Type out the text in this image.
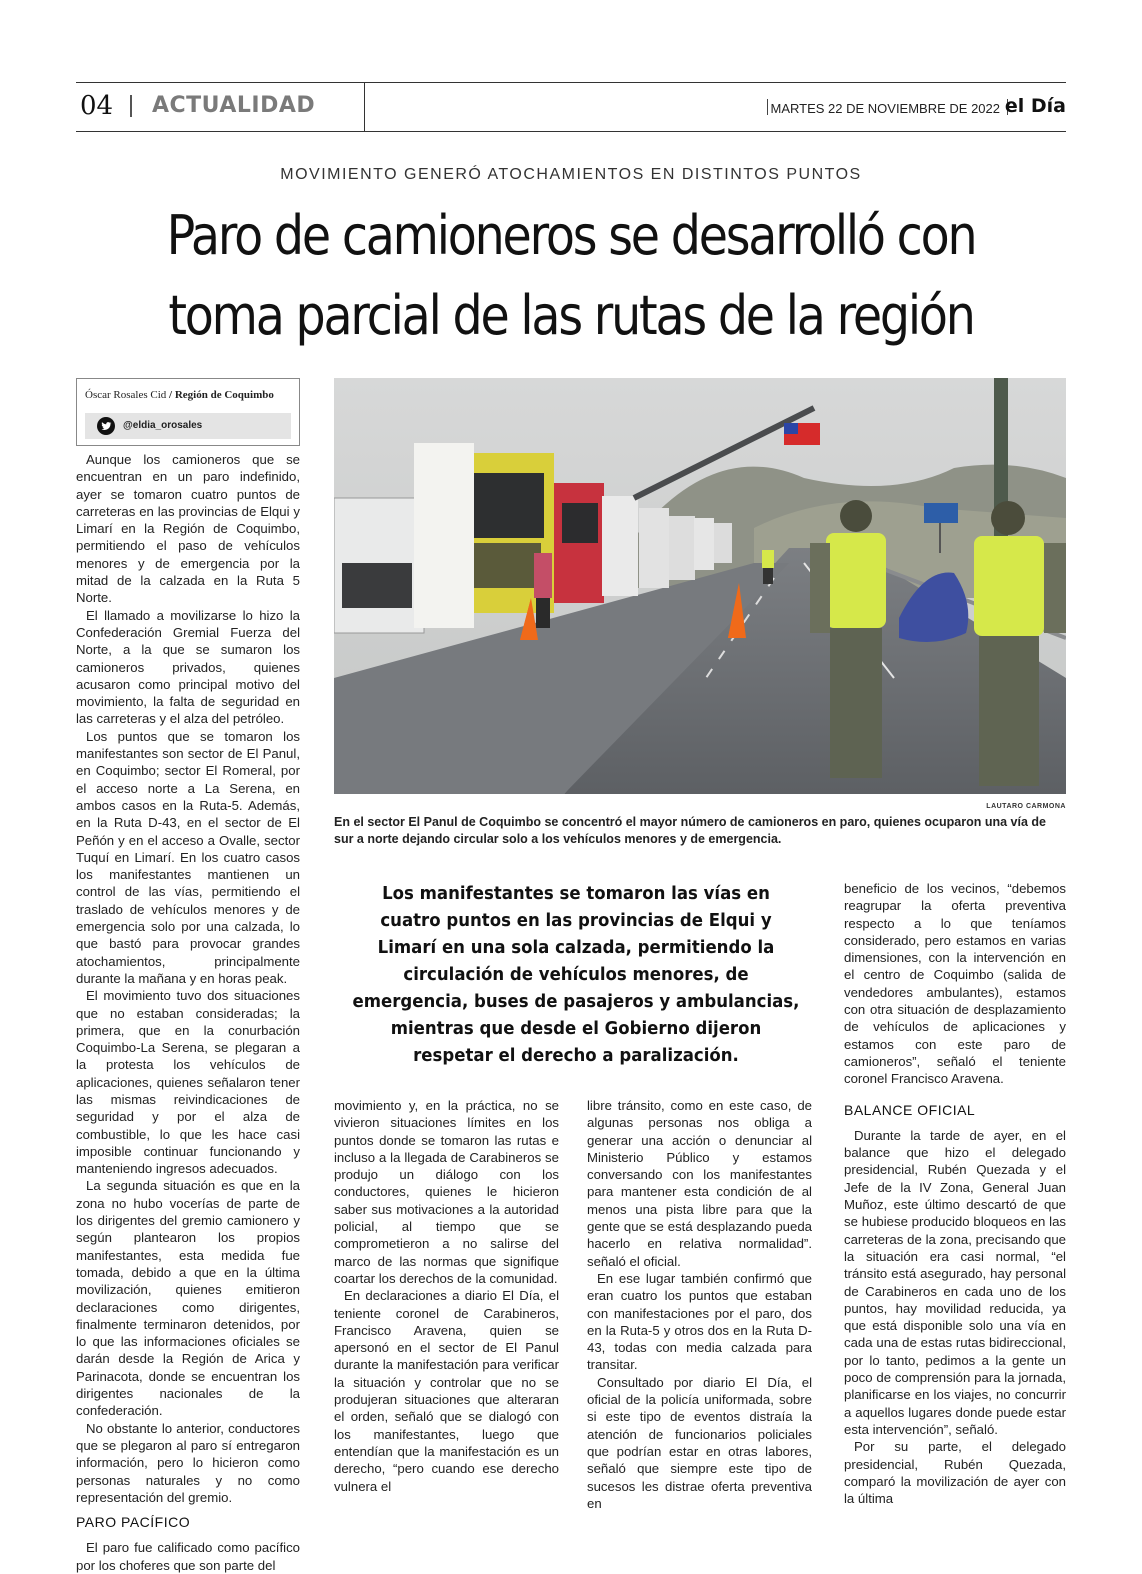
04 ACTUALIDAD	MARTES 22 DE NOVIEMBRE DE 2022 el Día
MOVIMIENTO GENERÓ ATOCHAMIENTOS EN DISTINTOS PUNTOS
Paro de camioneros se desarrolló con
toma parcial de las rutas de la región
Óscar Rosales Cid / Región de Coquimbo
@eldia_orosales

Aunque los camioneros que se encuentran en un paro indefinido, ayer se tomaron cuatro puntos de carreteras en las provincias de Elqui y Limarí en la Región de Coquimbo, permitiendo el paso de vehículos menores y de emergencia por la mitad de la calzada en la Ruta 5 Norte.

El llamado a movilizarse lo hizo la Confederación Gremial Fuerza del Norte, a la que se sumaron los camioneros privados, quienes acusaron como principal motivo del movimiento, la falta de seguridad en las carreteras y el alza del petróleo.

Los puntos que se tomaron los manifestantes son sector de El Panul, en Coquimbo; sector El Romeral, por el acceso norte a La Serena, en ambos casos en la Ruta-5. Además, en la Ruta D-43, en el sector de El Peñón y en el acceso a Ovalle, sector Tuquí en Limarí. En los cuatro casos los manifestantes mantienen un control de las vías, permitiendo el traslado de vehículos menores y de emergencia solo por una calzada, lo que bastó para provocar grandes atochamientos, principalmente durante la mañana y en horas peak.

El movimiento tuvo dos situaciones que no estaban consideradas; la primera, que en la conurbación Coquimbo-La Serena, se plegaran a la protesta los vehículos de aplicaciones, quienes señalaron tener las mismas reivindicaciones de seguridad y por el alza de combustible, lo que les hace casi imposible continuar funcionando y manteniendo ingresos adecuados.

La segunda situación es que en la zona no hubo vocerías de parte de los dirigentes del gremio camionero y según plantearon los propios manifestantes, esta medida fue tomada, debido a que en la última movilización, quienes emitieron declaraciones como dirigentes, finalmente terminaron detenidos, por lo que las informaciones oficiales se darán desde la Región de Arica y Parinacota, donde se encuentran los dirigentes nacionales de la confederación.

No obstante lo anterior, conductores que se plegaron al paro sí entregaron información, pero lo hicieron como personas naturales y no como representación del gremio.

PARO PACÍFICO

El paro fue calificado como pacífico por los choferes que son parte del

LAUTARO CARMONA
En el sector El Panul de Coquimbo se concentró el mayor número de camioneros en paro, quienes ocuparon una vía de sur a norte dejando circular solo a los vehículos menores y de emergencia.
Los manifestantes se tomaron las vías en cuatro puntos en las provincias de Elqui y Limarí en una sola calzada, permitiendo la circulación de vehículos menores, de emergencia, buses de pasajeros y ambulancias, mientras que desde el Gobierno dijeron respetar el derecho a paralización.

movimiento y, en la práctica, no se vivieron situaciones límites en los puntos donde se tomaron las rutas e incluso a la llegada de Carabineros se produjo un diálogo con los conductores, quienes le hicieron saber sus motivaciones a la autoridad policial, al tiempo que se comprometieron a no salirse del marco de las normas que signifique coartar los derechos de la comunidad.

En declaraciones a diario El Día, el teniente coronel de Carabineros, Francisco Aravena, quien se apersonó en el sector de El Panul durante la manifestación para verificar la situación y controlar que no se produjeran situaciones que alteraran el orden, señaló que se dialogó con los manifestantes, luego que entendían que la manifestación es un derecho, “pero cuando ese derecho vulnera el

libre tránsito, como en este caso, de algunas personas nos obliga a generar una acción o denunciar al Ministerio Público y estamos conversando con los manifestantes para mantener esta condición de al menos una pista libre para que la gente que se está desplazando pueda hacerlo en relativa normalidad”. señaló el oficial.

En ese lugar también confirmó que eran cuatro los puntos que estaban con manifestaciones por el paro, dos en la Ruta-5 y otros dos en la Ruta D-43, todas con media calzada para transitar.

Consultado por diario El Día, el oficial de la policía uniformada, sobre si este tipo de eventos distraía la atención de funcionarios policiales que podrían estar en otras labores, señaló que siempre este tipo de sucesos les distrae oferta preventiva en

beneficio de los vecinos, “debemos reagrupar la oferta preventiva respecto a lo que teníamos considerado, pero estamos en varias dimensiones, con la intervención en el centro de Coquimbo (salida de vendedores ambulantes), estamos con otra situación de desplazamiento de vehículos de aplicaciones y estamos con este paro de camioneros”, señaló el teniente coronel Francisco Aravena.

BALANCE OFICIAL

Durante la tarde de ayer, en el balance que hizo el delegado presidencial, Rubén Quezada y el Jefe de la IV Zona, General Juan Muñoz, este último descartó de que se hubiese producido bloqueos en las carreteras de la zona, precisando que la situación era casi normal, “el tránsito está asegurado, hay personal de Carabineros en cada uno de los puntos, hay movilidad reducida, ya que está disponible solo una vía en cada una de estas rutas bidireccional, por lo tanto, pedimos a la gente un poco de comprensión para la jornada, planificarse en los viajes, no concurrir a aquellos lugares donde puede estar esta intervención”, señaló.

Por su parte, el delegado presidencial, Rubén Quezada, comparó la movilización de ayer con la última
